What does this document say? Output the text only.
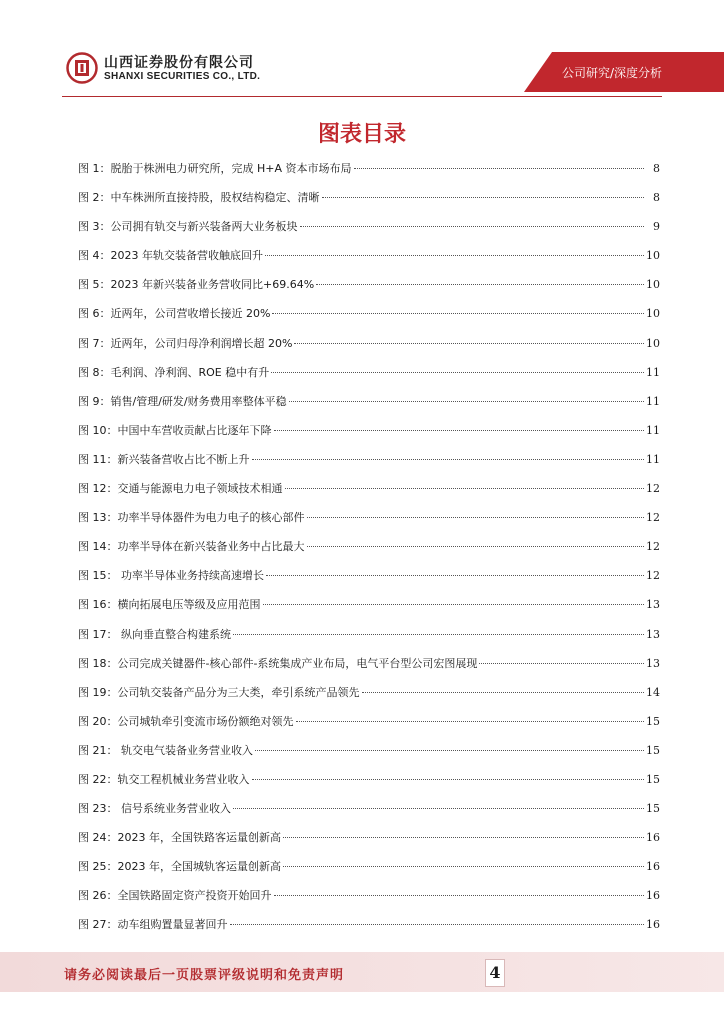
山西证券股份有限公司
SHANXI SECURITIES CO., LTD.	公司研究/深度分析
图表目录
图 1：脱胎于株洲电力研究所，完成 H+A 资本市场布局	8
图 2：中车株洲所直接持股，股权结构稳定、清晰	8
图 3：公司拥有轨交与新兴装备两大业务板块	9
图 4：2023 年轨交装备营收触底回升	10
图 5：2023 年新兴装备业务营收同比+69.64%	10
图 6：近两年，公司营收增长接近 20%	10
图 7：近两年，公司归母净利润增长超 20%	10
图 8：毛利润、净利润、ROE 稳中有升	11
图 9：销售/管理/研发/财务费用率整体平稳	11
图 10：中国中车营收贡献占比逐年下降	11
图 11：新兴装备营收占比不断上升	11
图 12：交通与能源电力电子领域技术相通	12
图 13：功率半导体器件为电力电子的核心部件	12
图 14：功率半导体在新兴装备业务中占比最大	12
图 15： 功率半导体业务持续高速增长	12
图 16：横向拓展电压等级及应用范围	13
图 17： 纵向垂直整合构建系统	13
图 18：公司完成关键器件-核心部件-系统集成产业布局，电气平台型公司宏图展现	13
图 19：公司轨交装备产品分为三大类，牵引系统产品领先	14
图 20：公司城轨牵引变流市场份额绝对领先	15
图 21： 轨交电气装备业务营业收入	15
图 22：轨交工程机械业务营业收入	15
图 23： 信号系统业务营业收入	15
图 24：2023 年，全国铁路客运量创新高	16
图 25：2023 年，全国城轨客运量创新高	16
图 26：全国铁路固定资产投资开始回升	16
图 27：动车组购置量显著回升	16
请务必阅读最后一页股票评级说明和免责声明	4
